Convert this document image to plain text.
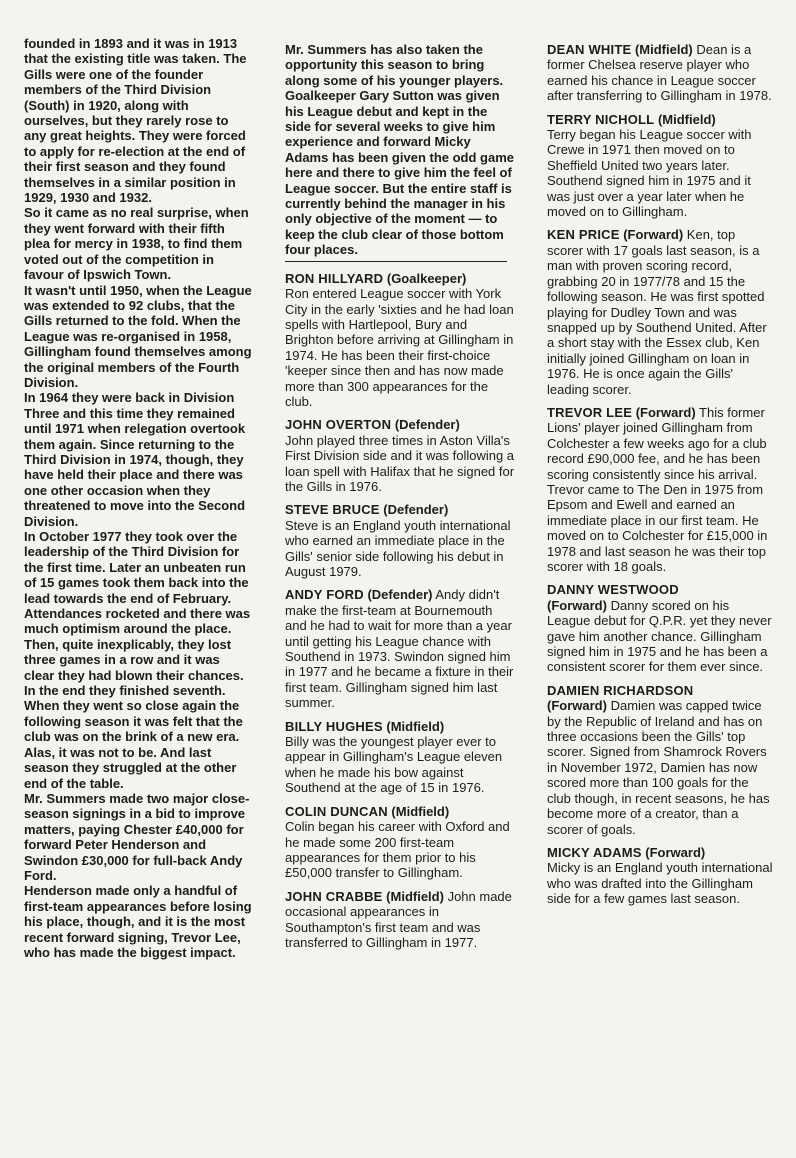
founded in 1893 and it was in 1913 that the existing title was taken. The Gills were one of the founder members of the Third Division (South) in 1920, along with ourselves, but they rarely rose to any great heights. They were forced to apply for re-election at the end of their first season and they found themselves in a similar position in 1929, 1930 and 1932.

So it came as no real surprise, when they went forward with their fifth plea for mercy in 1938, to find them voted out of the competition in favour of Ipswich Town.

It wasn't until 1950, when the League was extended to 92 clubs, that the Gills returned to the fold. When the League was re-organised in 1958, Gillingham found themselves among the original members of the Fourth Division.

In 1964 they were back in Division Three and this time they remained until 1971 when relegation overtook them again. Since returning to the Third Division in 1974, though, they have held their place and there was one other occasion when they threatened to move into the Second Division.

In October 1977 they took over the leadership of the Third Division for the first time. Later an unbeaten run of 15 games took them back into the lead towards the end of February. Attendances rocketed and there was much optimism around the place. Then, quite inexplicably, they lost three games in a row and it was clear they had blown their chances. In the end they finished seventh.

When they went so close again the following season it was felt that the club was on the brink of a new era. Alas, it was not to be. And last season they struggled at the other end of the table.

Mr. Summers made two major close-season signings in a bid to improve matters, paying Chester £40,000 for forward Peter Henderson and Swindon £30,000 for full-back Andy Ford.

Henderson made only a handful of first-team appearances before losing his place, though, and it is the most recent forward signing, Trevor Lee, who has made the biggest impact.

Mr. Summers has also taken the opportunity this season to bring along some of his younger players. Goalkeeper Gary Sutton was given his League debut and kept in the side for several weeks to give him experience and forward Micky Adams has been given the odd game here and there to give him the feel of League soccer. But the entire staff is currently behind the manager in his only objective of the moment — to keep the club clear of those bottom four places.

RON HILLYARD (Goalkeeper)
Ron entered League soccer with York City in the early 'sixties and he had loan spells with Hartlepool, Bury and Brighton before arriving at Gillingham in 1974. He has been their first-choice 'keeper since then and has now made more than 300 appearances for the club.

JOHN OVERTON (Defender)
John played three times in Aston Villa's First Division side and it was following a loan spell with Halifax that he signed for the Gills in 1976.

STEVE BRUCE (Defender)
Steve is an England youth international who earned an immediate place in the Gills' senior side following his debut in August 1979.

ANDY FORD (Defender) Andy didn't make the first-team at Bournemouth and he had to wait for more than a year until getting his League chance with Southend in 1973. Swindon signed him in 1977 and he became a fixture in their first team. Gillingham signed him last summer.

BILLY HUGHES (Midfield)
Billy was the youngest player ever to appear in Gillingham's League eleven when he made his bow against Southend at the age of 15 in 1976.

COLIN DUNCAN (Midfield)
Colin began his career with Oxford and he made some 200 first-team appearances for them prior to his £50,000 transfer to Gillingham.

JOHN CRABBE (Midfield) John made occasional appearances in Southampton's first team and was transferred to Gillingham in 1977.

DEAN WHITE (Midfield) Dean is a former Chelsea reserve player who earned his chance in League soccer after transferring to Gillingham in 1978.

TERRY NICHOLL (Midfield)
Terry began his League soccer with Crewe in 1971 then moved on to Sheffield United two years later. Southend signed him in 1975 and it was just over a year later when he moved on to Gillingham.

KEN PRICE (Forward) Ken, top scorer with 17 goals last season, is a man with proven scoring record, grabbing 20 in 1977/78 and 15 the following season. He was first spotted playing for Dudley Town and was snapped up by Southend United. After a short stay with the Essex club, Ken initially joined Gillingham on loan in 1976. He is once again the Gills' leading scorer.

TREVOR LEE (Forward) This former Lions' player joined Gillingham from Colchester a few weeks ago for a club record £90,000 fee, and he has been scoring consistently since his arrival. Trevor came to The Den in 1975 from Epsom and Ewell and earned an immediate place in our first team. He moved on to Colchester for £15,000 in 1978 and last season he was their top scorer with 18 goals.

DANNY WESTWOOD
(Forward) Danny scored on his League debut for Q.P.R. yet they never gave him another chance. Gillingham signed him in 1975 and he has been a consistent scorer for them ever since.

DAMIEN RICHARDSON
(Forward) Damien was capped twice by the Republic of Ireland and has on three occasions been the Gills' top scorer. Signed from Shamrock Rovers in November 1972, Damien has now scored more than 100 goals for the club though, in recent seasons, he has become more of a creator, than a scorer of goals.

MICKY ADAMS (Forward)
Micky is an England youth international who was drafted into the Gillingham side for a few games last season.
